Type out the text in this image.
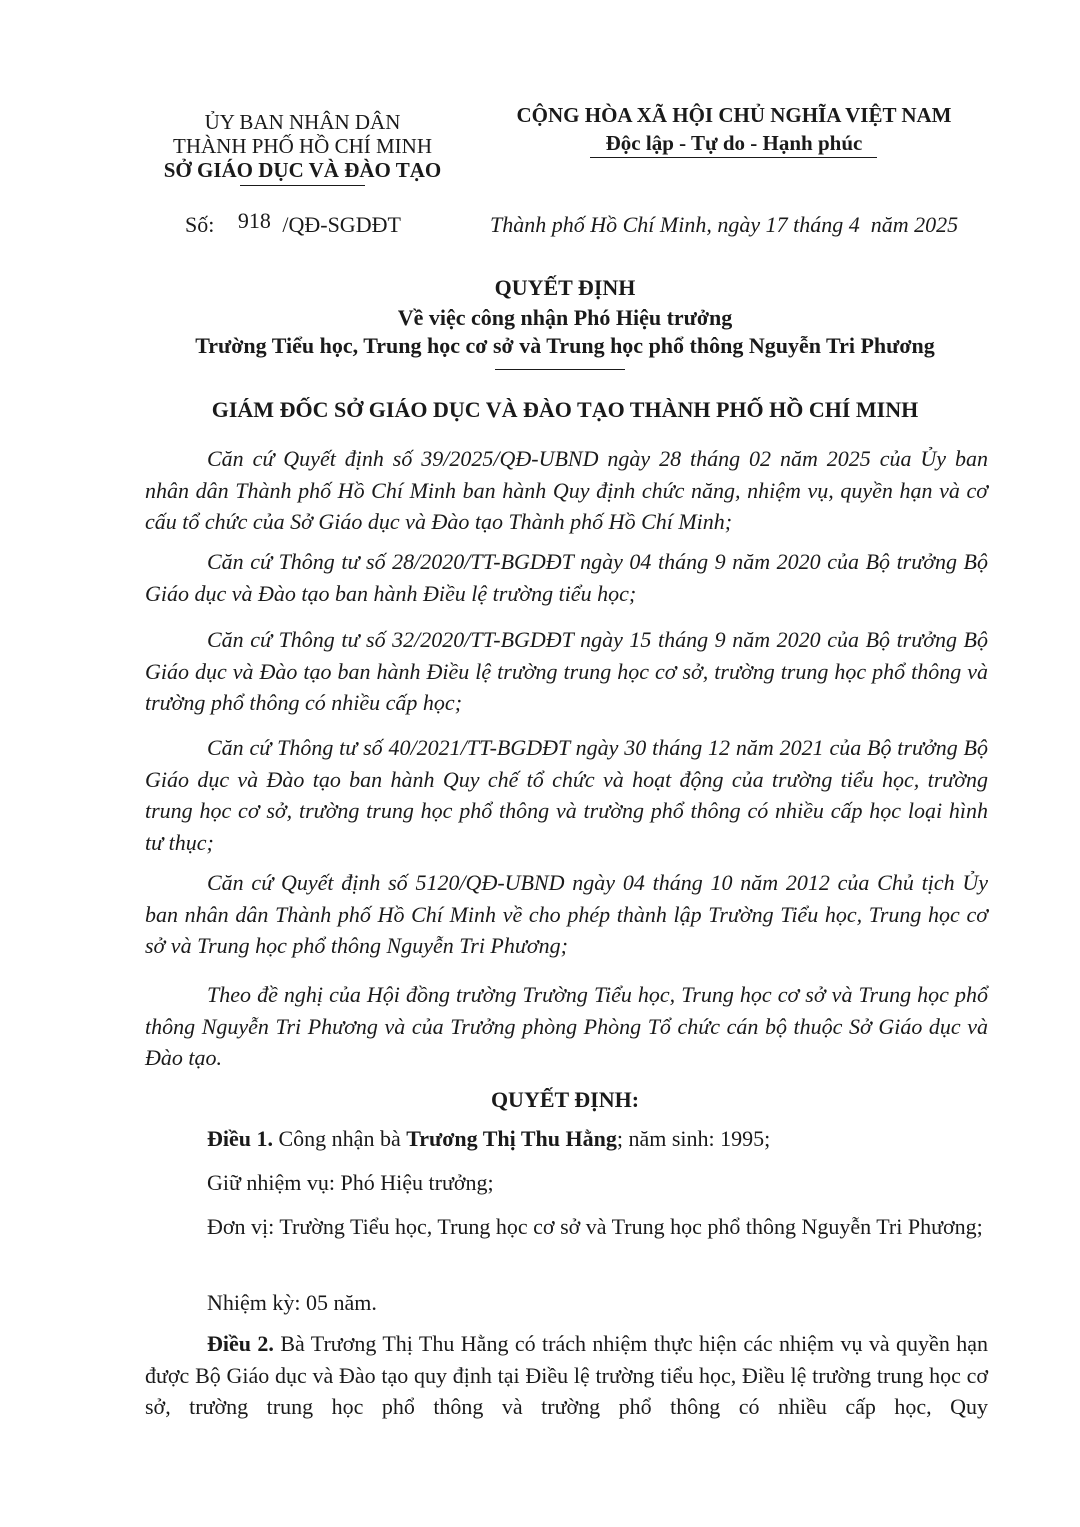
ỦY BAN NHÂN DÂN
THÀNH PHỐ HỒ CHÍ MINH
SỞ GIÁO DỤC VÀ ĐÀO TẠO
CỘNG HÒA XÃ HỘI CHỦ NGHĨA VIỆT NAM
Độc lập - Tự do - Hạnh phúc
Số: 918 /QĐ-SGDĐT	Thành phố Hồ Chí Minh, ngày 17 tháng 4  năm 2025
QUYẾT ĐỊNH
Về việc công nhận Phó Hiệu trưởng
Trường Tiểu học, Trung học cơ sở và Trung học phổ thông Nguyễn Tri Phương
GIÁM ĐỐC SỞ GIÁO DỤC VÀ ĐÀO TẠO THÀNH PHỐ HỒ CHÍ MINH
Căn cứ Quyết định số 39/2025/QĐ-UBND ngày 28 tháng 02 năm 2025 của Ủy ban nhân dân Thành phố Hồ Chí Minh ban hành Quy định chức năng, nhiệm vụ, quyền hạn và cơ cấu tổ chức của Sở Giáo dục và Đào tạo Thành phố Hồ Chí Minh;
Căn cứ Thông tư số 28/2020/TT-BGDĐT ngày 04 tháng 9 năm 2020 của Bộ trưởng Bộ Giáo dục và Đào tạo ban hành Điều lệ trường tiểu học;
Căn cứ Thông tư số 32/2020/TT-BGDĐT ngày 15 tháng 9 năm 2020 của Bộ trưởng Bộ Giáo dục và Đào tạo ban hành Điều lệ trường trung học cơ sở, trường trung học phổ thông và trường phổ thông có nhiều cấp học;
Căn cứ Thông tư số 40/2021/TT-BGDĐT ngày 30 tháng 12 năm 2021 của Bộ trưởng Bộ Giáo dục và Đào tạo ban hành Quy chế tổ chức và hoạt động của trường tiểu học, trường trung học cơ sở, trường trung học phổ thông và trường phổ thông có nhiều cấp học loại hình tư thục;
Căn cứ Quyết định số 5120/QĐ-UBND ngày 04 tháng 10 năm 2012 của Chủ tịch Ủy ban nhân dân Thành phố Hồ Chí Minh về cho phép thành lập Trường Tiểu học, Trung học cơ sở và Trung học phổ thông Nguyễn Tri Phương;
Theo đề nghị của Hội đồng trường Trường Tiểu học, Trung học cơ sở và Trung học phổ thông Nguyễn Tri Phương và của Trưởng phòng Phòng Tổ chức cán bộ thuộc Sở Giáo dục và Đào tạo.
QUYẾT ĐỊNH:
Điều 1. Công nhận bà Trương Thị Thu Hằng; năm sinh: 1995;
Giữ nhiệm vụ: Phó Hiệu trưởng;
Đơn vị: Trường Tiểu học, Trung học cơ sở và Trung học phổ thông Nguyễn Tri Phương;
Nhiệm kỳ: 05 năm.
Điều 2. Bà Trương Thị Thu Hằng có trách nhiệm thực hiện các nhiệm vụ và quyền hạn được Bộ Giáo dục và Đào tạo quy định tại Điều lệ trường tiểu học, Điều lệ trường trung học cơ sở, trường trung học phổ thông và trường phổ thông có nhiều cấp học, Quy
